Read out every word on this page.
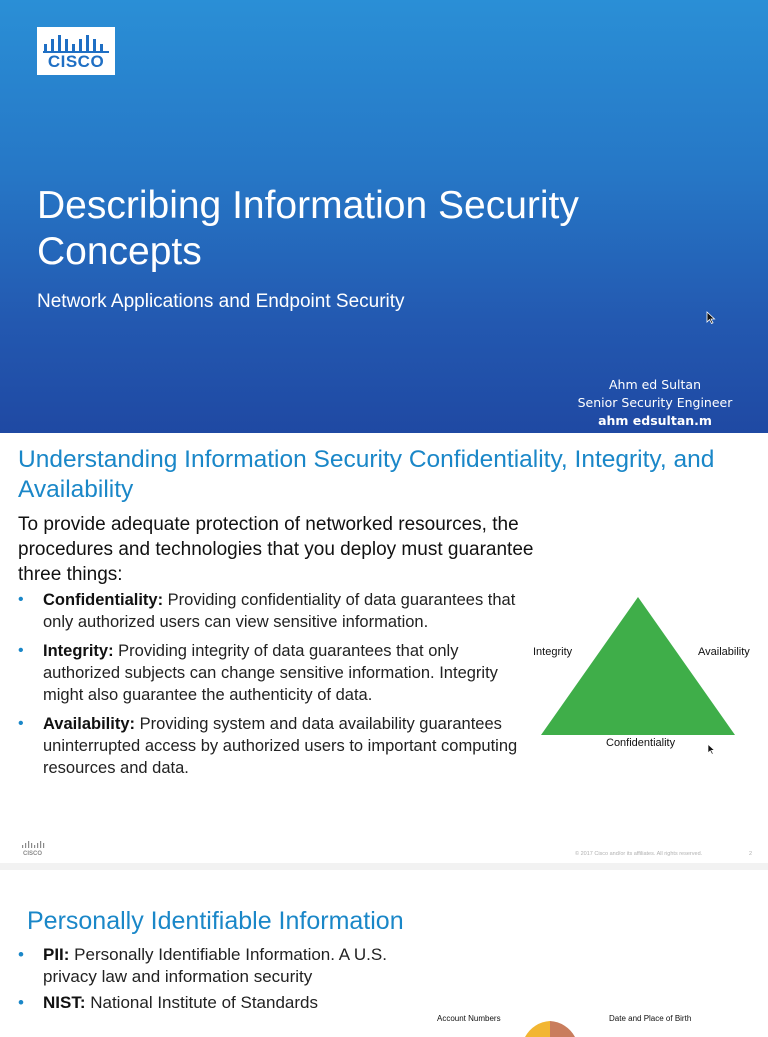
CISCO
Describing Information Security Concepts
Network Applications and Endpoint Security
Ahm ed Sultan
Senior Security Engineer
ahm edsultan.m
Understanding Information Security Confidentiality, Integrity, and Availability
To provide adequate protection of networked resources, the procedures and technologies that you deploy must guarantee three things:
• Confidentiality: Providing confidentiality of data guarantees that only authorized users can view sensitive information.
• Integrity: Providing integrity of data guarantees that only authorized subjects can change sensitive information. Integrity might also guarantee the authenticity of data.
• Availability: Providing system and data availability guarantees uninterrupted access by authorized users to important computing resources and data.
Integrity	Availability
Confidentiality
CISCO	© 2017 Cisco and/or its affiliates. All rights reserved.	2
Personally Identifiable Information
• PII: Personally Identifiable Information. A U.S. privacy law and information security
• NIST: National Institute of Standards
Account Numbers	Date and Place of Birth
